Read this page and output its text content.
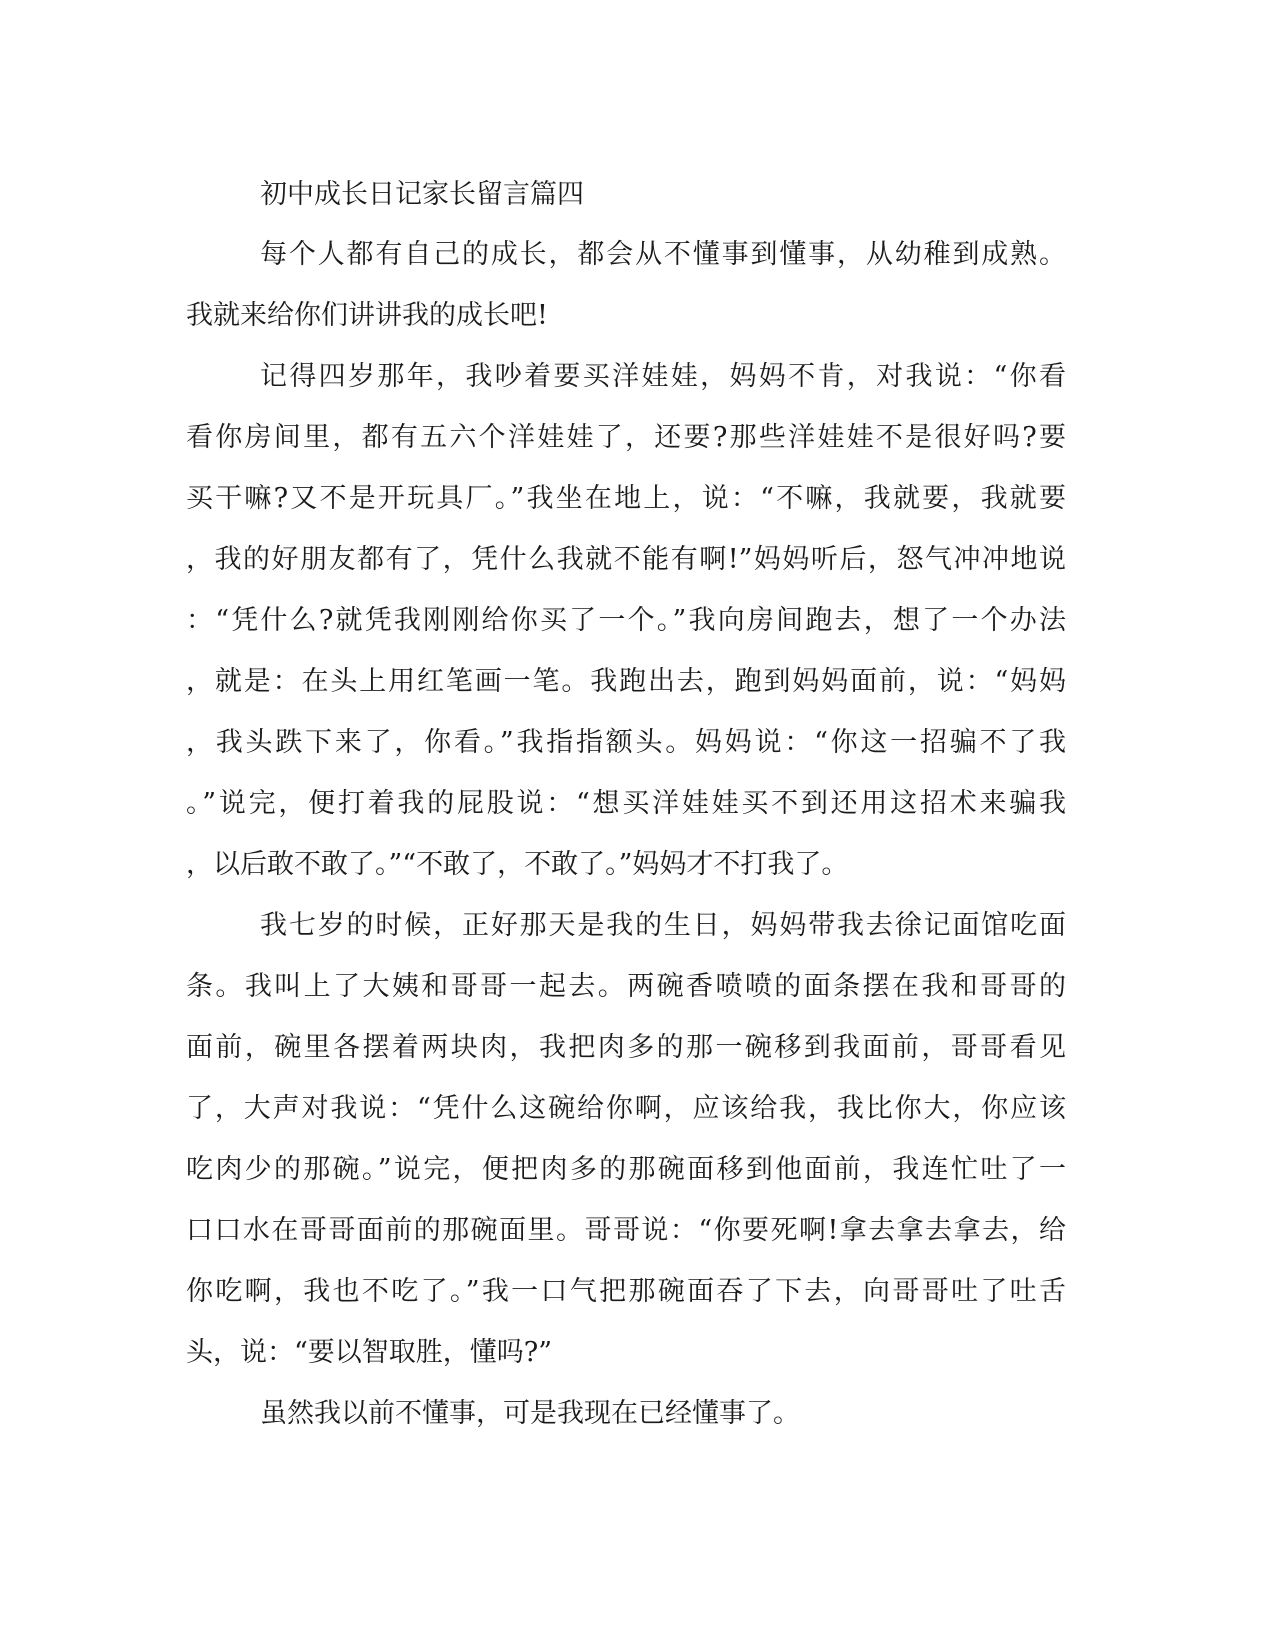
初中成长日记家长留言篇四
每个人都有自己的成长，都会从不懂事到懂事，从幼稚到成熟。
我就来给你们讲讲我的成长吧!
记得四岁那年，我吵着要买洋娃娃，妈妈不肯，对我说：“你看
看你房间里，都有五六个洋娃娃了，还要?那些洋娃娃不是很好吗?要
买干嘛?又不是开玩具厂。”我坐在地上，说：“不嘛，我就要，我就要
，我的好朋友都有了，凭什么我就不能有啊!”妈妈听后，怒气冲冲地说
：“凭什么?就凭我刚刚给你买了一个。”我向房间跑去，想了一个办法
，就是：在头上用红笔画一笔。我跑出去，跑到妈妈面前，说：“妈妈
，我头跌下来了，你看。”我指指额头。妈妈说：“你这一招骗不了我
。”说完，便打着我的屁股说：“想买洋娃娃买不到还用这招术来骗我
，以后敢不敢了。”“不敢了，不敢了。”妈妈才不打我了。
我七岁的时候，正好那天是我的生日，妈妈带我去徐记面馆吃面
条。我叫上了大姨和哥哥一起去。两碗香喷喷的面条摆在我和哥哥的
面前，碗里各摆着两块肉，我把肉多的那一碗移到我面前，哥哥看见
了，大声对我说：“凭什么这碗给你啊，应该给我，我比你大，你应该
吃肉少的那碗。”说完，便把肉多的那碗面移到他面前，我连忙吐了一
口口水在哥哥面前的那碗面里。哥哥说：“你要死啊!拿去拿去拿去，给
你吃啊，我也不吃了。”我一口气把那碗面吞了下去，向哥哥吐了吐舌
头，说：“要以智取胜，懂吗?”
虽然我以前不懂事，可是我现在已经懂事了。
